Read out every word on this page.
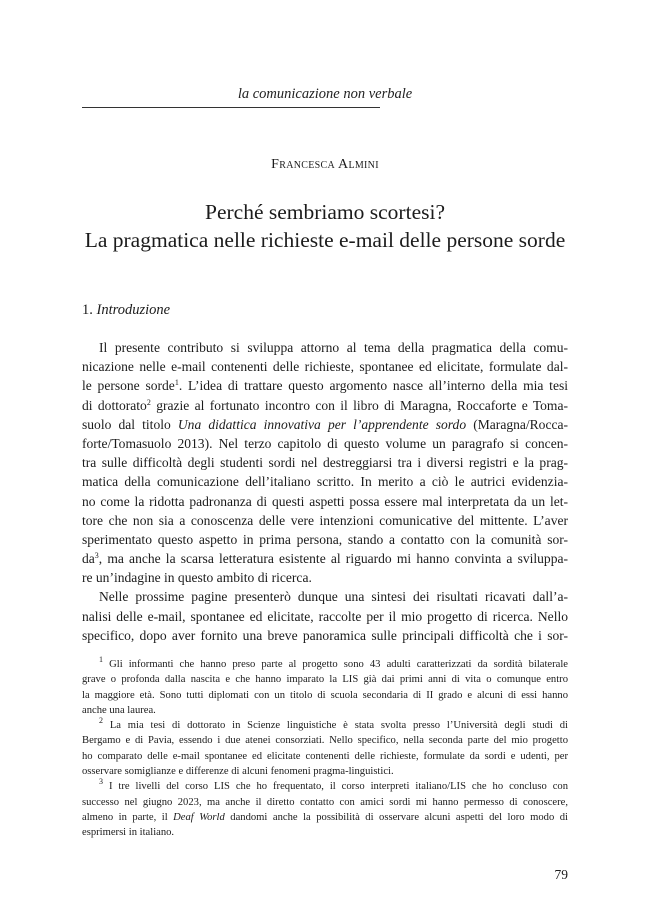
la comunicazione non verbale
Francesca Almini
Perché sembriamo scortesi?
La pragmatica nelle richieste e-mail delle persone sorde
1. Introduzione
Il presente contributo si sviluppa attorno al tema della pragmatica della comu-
nicazione nelle e-mail contenenti delle richieste, spontanee ed elicitate, formulate dal-
le persone sorde$^1$. L’idea di trattare questo argomento nasce all’interno della mia tesi
di dottorato$^2$ grazie al fortunato incontro con il libro di Maragna, Roccaforte e Toma-
suolo dal titolo Una didattica innovativa per l’apprendente sordo (Maragna/Rocca-
forte/Tomasuolo 2013). Nel terzo capitolo di questo volume un paragrafo si concen-
tra sulle difficoltà degli studenti sordi nel destreggiarsi tra i diversi registri e la prag-
matica della comunicazione dell’italiano scritto. In merito a ciò le autrici evidenzia-
no come la ridotta padronanza di questi aspetti possa essere mal interpretata da un let-
tore che non sia a conoscenza delle vere intenzioni comunicative del mittente. L’aver
sperimentato questo aspetto in prima persona, stando a contatto con la comunità sor-
$da^3$, ma anche la scarsa letteratura esistente al riguardo mi hanno convinta a sviluppa-
re un’indagine in questo ambito di ricerca.
Nelle prossime pagine presenterò dunque una sintesi dei risultati ricavati dall’a-
nalisi delle e-mail, spontanee ed elicitate, raccolte per il mio progetto di ricerca. Nello
specifico, dopo aver fornito una breve panoramica sulle principali difficoltà che i sor-
$^1$ Gli informanti che hanno preso parte al progetto sono 43 adulti caratterizzati da sordità bilaterale
grave o profonda dalla nascita e che hanno imparato la LIS già dai primi anni di vita o comunque entro
la maggiore età. Sono tutti diplomati con un titolo di scuola secondaria di II grado e alcuni di essi hanno
anche una laurea.
$^2$ La mia tesi di dottorato in Scienze linguistiche è stata svolta presso l’Università degli studi di
Bergamo e di Pavia, essendo i due atenei consorziati. Nello specifico, nella seconda parte del mio progetto
ho comparato delle e-mail spontanee ed elicitate contenenti delle richieste, formulate da sordi e udenti, per
osservare somiglianze e differenze di alcuni fenomeni pragma-linguistici.
$^3$ I tre livelli del corso LIS che ho frequentato, il corso interpreti italiano/LIS che ho concluso con
successo nel giugno 2023, ma anche il diretto contatto con amici sordi mi hanno permesso di conoscere,
almeno in parte, il Deaf World dandomi anche la possibilità di osservare alcuni aspetti del loro modo di
esprimersi in italiano.
79
